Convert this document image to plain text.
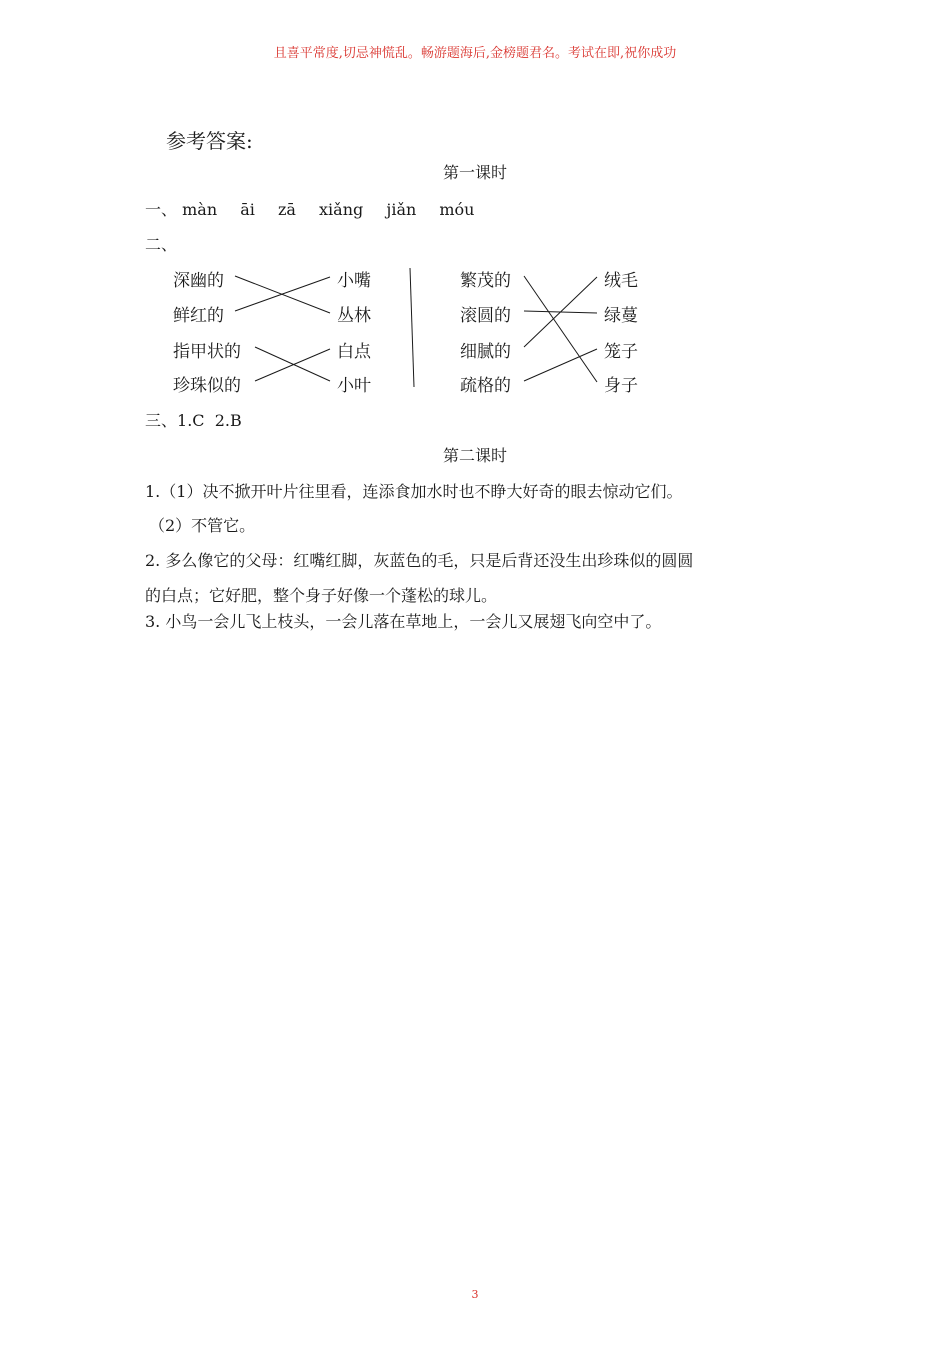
且喜平常度,切忌神慌乱。畅游题海后,金榜题君名。考试在即,祝你成功
参考答案:
第一课时
一、 màn āi zā xiǎng jiǎn móu
二、
深幽的
鲜红的
指甲状的
珍珠似的
小嘴
丛林
白点
小叶
繁茂的
滚圆的
细腻的
疏格的
绒毛
绿蔓
笼子
身子
三、1.C  2.B
第二课时
1.（1）决不掀开叶片往里看，连添食加水时也不睁大好奇的眼去惊动它们。
（2）不管它。
2. 多么像它的父母：红嘴红脚，灰蓝色的毛，只是后背还没生出珍珠似的圆圆
的白点；它好肥，整个身子好像一个蓬松的球儿。
3. 小鸟一会儿飞上枝头，一会儿落在草地上，一会儿又展翅飞向空中了。
3
